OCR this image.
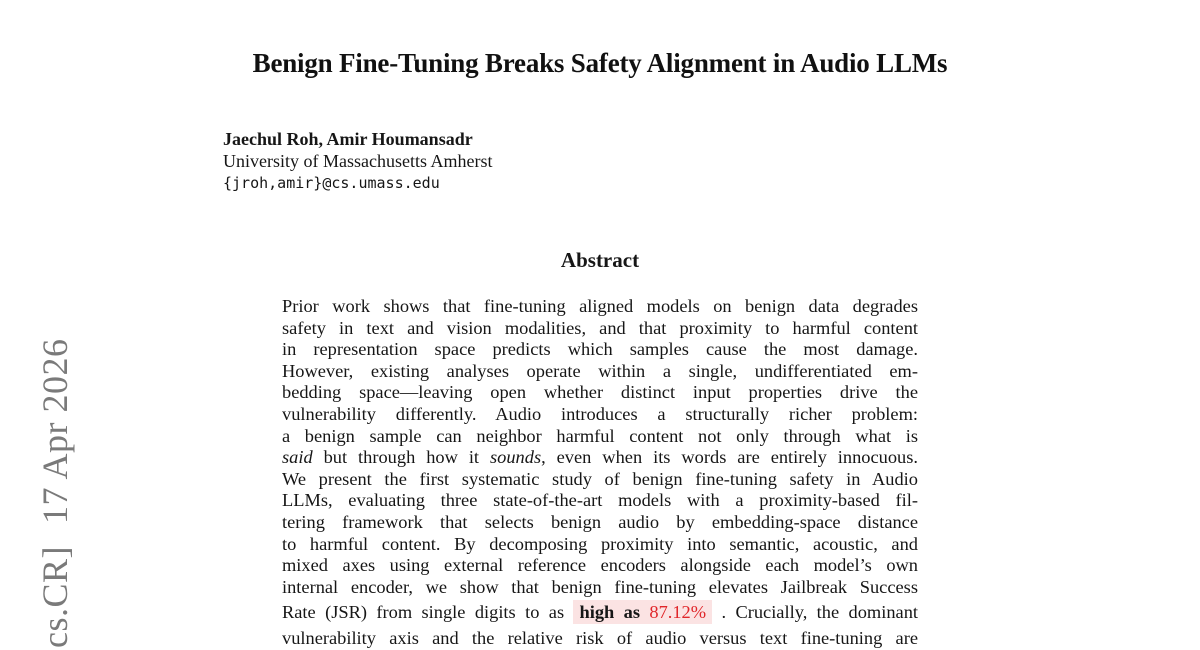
Benign Fine-Tuning Breaks Safety Alignment in Audio LLMs
Jaechul Roh, Amir Houmansadr
University of Massachusetts Amherst
{jroh,amir}@cs.umass.edu
Abstract
Prior work shows that fine-tuning aligned models on benign data degrades
safety in text and vision modalities, and that proximity to harmful content
in representation space predicts which samples cause the most damage.
However, existing analyses operate within a single, undifferentiated em-
bedding space—leaving open whether distinct input properties drive the
vulnerability differently. Audio introduces a structurally richer problem:
a benign sample can neighbor harmful content not only through what is
said but through how it sounds, even when its words are entirely innocuous.
We present the first systematic study of benign fine-tuning safety in Audio
LLMs, evaluating three state-of-the-art models with a proximity-based fil-
tering framework that selects benign audio by embedding-space distance
to harmful content. By decomposing proximity into semantic, acoustic, and
mixed axes using external reference encoders alongside each model’s own
internal encoder, we show that benign fine-tuning elevates Jailbreak Success
Rate (JSR) from single digits to as high as 87.12% . Crucially, the dominant
vulnerability axis and the relative risk of audio versus text fine-tuning are
cs.CR]17 Apr 2026
